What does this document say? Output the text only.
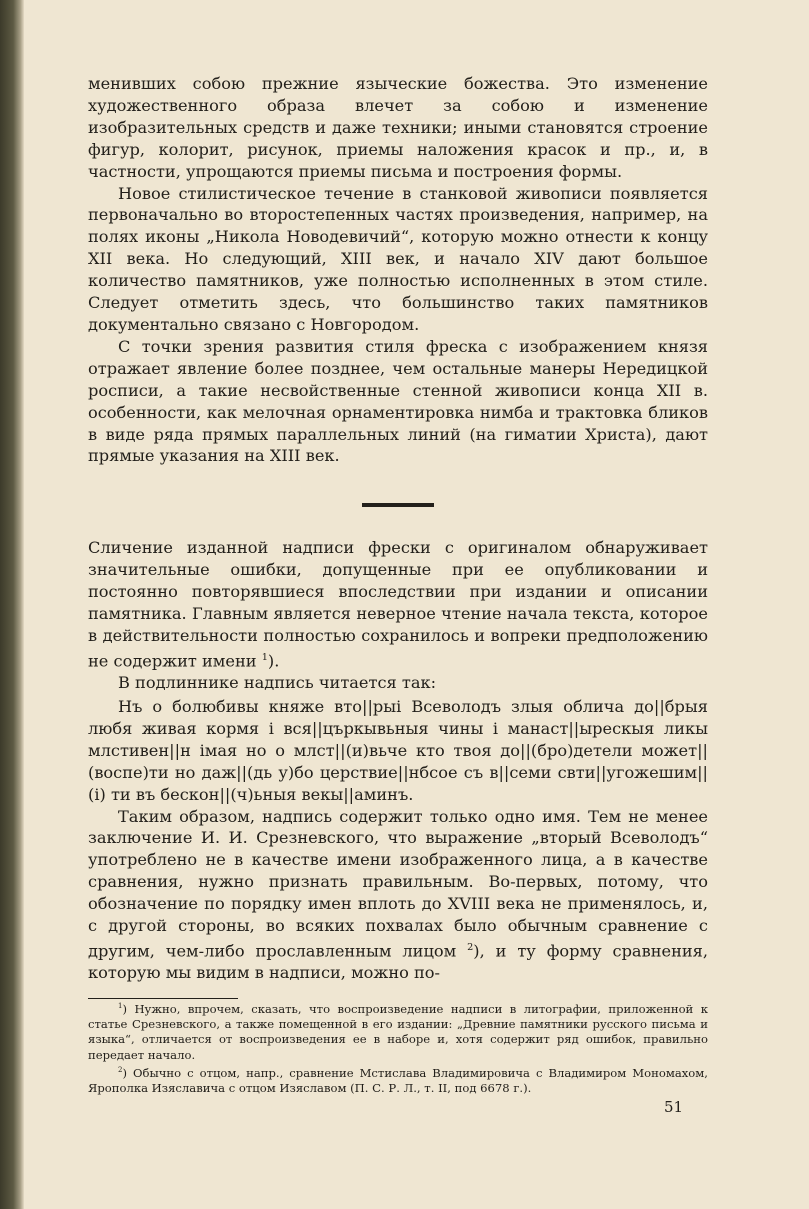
менивших собою прежние языческие божества. Это изменение художественного образа влечет за собою и изменение изобразительных средств и даже техники; иными становятся строение фигур, колорит, рисунок, приемы наложения красок и пр., и, в частности, упрощаются приемы письма и построения формы.

Новое стилистическое течение в станковой живописи появляется первоначально во второстепенных частях произведения, например, на полях иконы „Никола Новодевичий“, которую можно отнести к концу XII века. Но следующий, XIII век, и начало XIV дают большое количество памятников, уже полностью исполненных в этом стиле. Следует отметить здесь, что большинство таких памятников документально связано с Новгородом.

С точки зрения развития стиля фреска с изображением князя отражает явление более позднее, чем остальные манеры Нередицкой росписи, а такие несвойственные стенной живописи конца XII в. особенности, как мелочная орнаментировка нимба и трактовка бликов в виде ряда прямых параллельных линий (на гиматии Христа), дают прямые указания на XIII век.

Сличение изданной надписи фрески с оригиналом обнаруживает значительные ошибки, допущенные при ее опубликовании и постоянно повторявшиеся впоследствии при издании и описании памятника. Главным является неверное чтение начала текста, которое в действительности полностью сохранилось и вопреки предположению не содержит имени $^1$).

В подлиннике надпись читается так:

Нъ о болюбивы княже вто||рыі Всеволодъ злыя облича до||брыя любя живая кормя і вся||църкывьныя чины і манаст||ырескыя ликы млстивен||н імая но о млст||(и)вьче кто твоя до||(бро)детели может||(воспе)ти но даж||(дь у)бо церствие||нбсое съ в||семи свти||угожешим||(і) ти въ бескон||(ч)ьныя векы||аминъ.

Таким образом, надпись содержит только одно имя. Тем не менее заключение И. И. Срезневского, что выражение „вторый Всеволодъ“ употреблено не в качестве имени изображенного лица, а в качестве сравнения, нужно признать правильным. Во-первых, потому, что обозначение по порядку имен вплоть до XVIII века не применялось, и, с другой стороны, во всяких похвалах было обычным сравнение с другим, чем-либо прославленным лицом $^2$), и ту форму сравнения, которую мы видим в надписи, можно по-

$^1$) Нужно, впрочем, сказать, что воспроизведение надписи в литографии, приложенной к статье Срезневского, а также помещенной в его издании: „Древние памятники русского письма и языка“, отличается от воспроизведения ее в наборе и, хотя содержит ряд ошибок, правильно передает начало.

$^2$) Обычно с отцом, напр., сравнение Мстислава Владимировича с Владимиром Мономахом, Ярополка Изяславича с отцом Изяславом (П. С. Р. Л., т. II, под 6678 г.).

51
